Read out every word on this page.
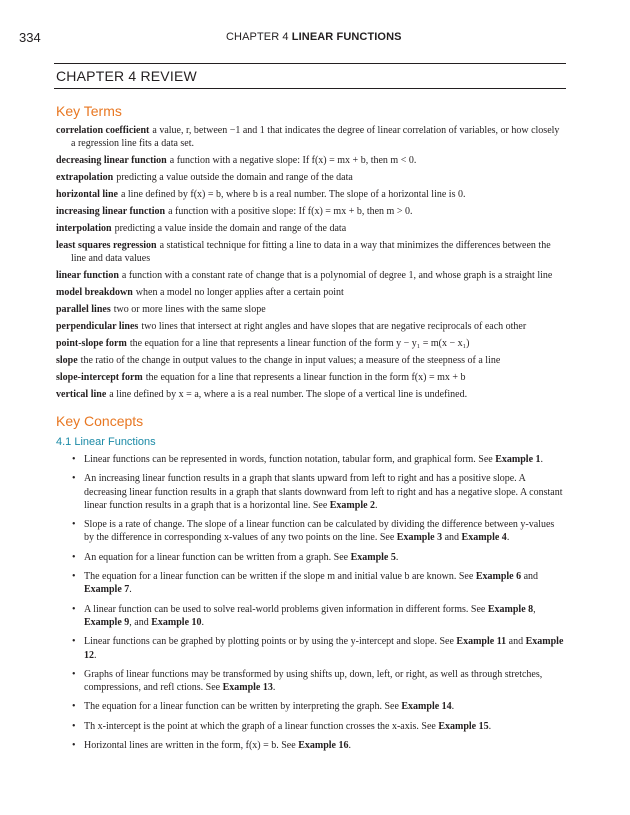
334	CHAPTER 4 LINEAR FUNCTIONS
CHAPTER 4 REVIEW
Key Terms

correlation coefficient a value, r, between −1 and 1 that indicates the degree of linear correlation of variables, or how closely a regression line fits a data set.

decreasing linear function a function with a negative slope: If f(x) = mx + b, then m < 0.

extrapolation predicting a value outside the domain and range of the data

horizontal line a line defined by f(x) = b, where b is a real number. The slope of a horizontal line is 0.

increasing linear function a function with a positive slope: If f(x) = mx + b, then m > 0.

interpolation predicting a value inside the domain and range of the data

least squares regression a statistical technique for fitting a line to data in a way that minimizes the differences between the line and data values

linear function a function with a constant rate of change that is a polynomial of degree 1, and whose graph is a straight line

model breakdown when a model no longer applies after a certain point

parallel lines two or more lines with the same slope

perpendicular lines two lines that intersect at right angles and have slopes that are negative reciprocals of each other

point-slope form the equation for a line that represents a linear function of the form y − y₁ = m(x − x₁)

slope the ratio of the change in output values to the change in input values; a measure of the steepness of a line

slope-intercept form the equation for a line that represents a linear function in the form f(x) = mx + b

vertical line a line defined by x = a, where a is a real number. The slope of a vertical line is undefined.

Key Concepts
4.1 Linear Functions
• Linear functions can be represented in words, function notation, tabular form, and graphical form. See Example 1.
• An increasing linear function results in a graph that slants upward from left to right and has a positive slope. A decreasing linear function results in a graph that slants downward from left to right and has a negative slope. A constant linear function results in a graph that is a horizontal line. See Example 2.
• Slope is a rate of change. The slope of a linear function can be calculated by dividing the difference between y-values by the difference in corresponding x-values of any two points on the line. See Example 3 and Example 4.
• An equation for a linear function can be written from a graph. See Example 5.
• The equation for a linear function can be written if the slope m and initial value b are known. See Example 6 and Example 7.
• A linear function can be used to solve real-world problems given information in different forms. See Example 8, Example 9, and Example 10.
• Linear functions can be graphed by plotting points or by using the y-intercept and slope. See Example 11 and Example 12.
• Graphs of linear functions may be transformed by using shifts up, down, left, or right, as well as through stretches, compressions, and refl ctions. See Example 13.
• The equation for a linear function can be written by interpreting the graph. See Example 14.
• Th x-intercept is the point at which the graph of a linear function crosses the x-axis. See Example 15.
• Horizontal lines are written in the form, f(x) = b. See Example 16.
